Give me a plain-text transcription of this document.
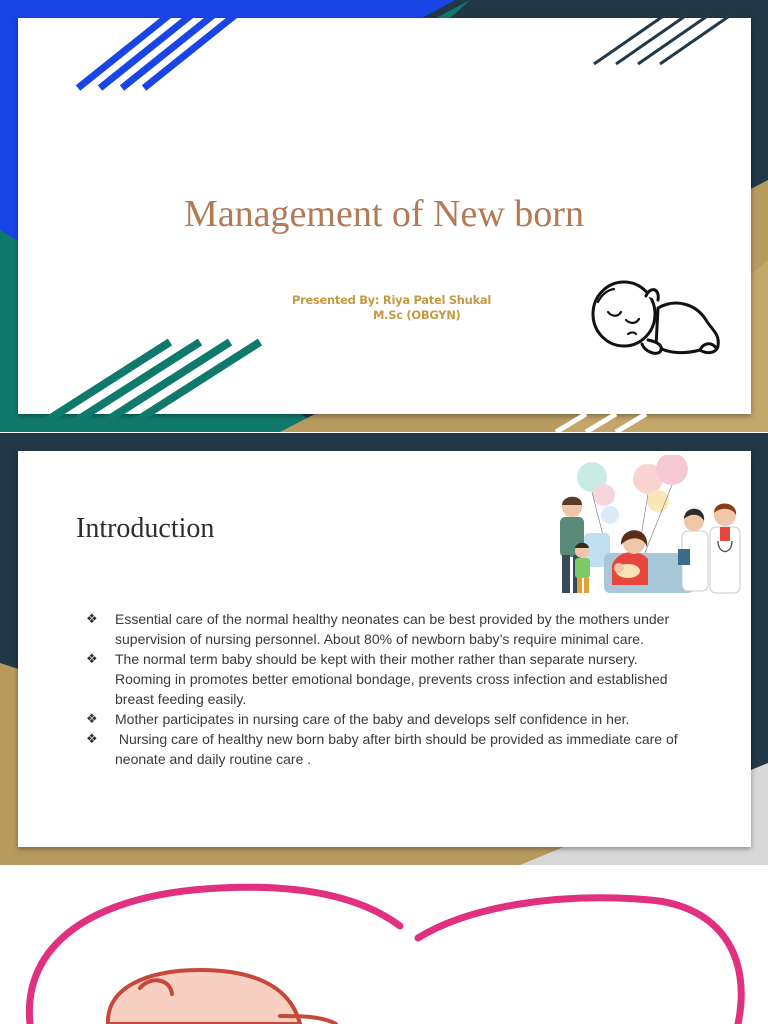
Management of New born
Presented By: Riya Patel Shukal
M.Sc (OBGYN)
Introduction
❖ Essential care of the normal healthy neonates can be best provided by the mothers under supervision of nursing personnel. About 80% of newborn baby’s require minimal care.
❖ The normal term baby should be kept with their mother rather than separate nursery. Rooming in promotes better emotional bondage, prevents cross infection and established breast feeding easily.
❖ Mother participates in nursing care of the baby and develops self confidence in her.
❖ Nursing care of healthy new born baby after birth should be provided as immediate care of neonate and daily routine care .
